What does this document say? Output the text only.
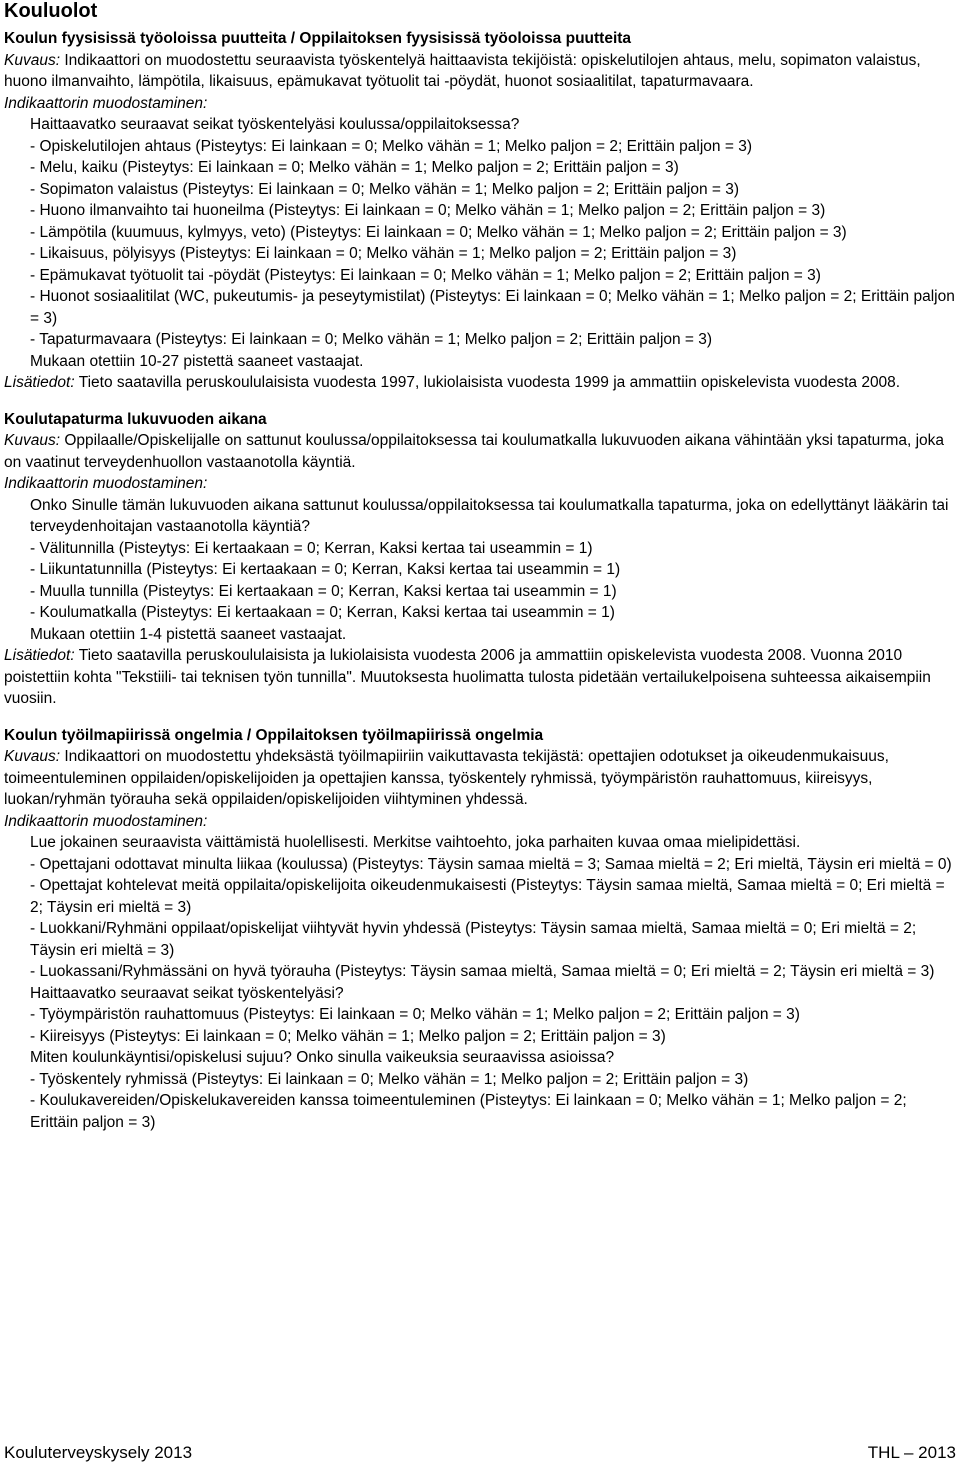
Kouluolot
Koulun fyysisissä työoloissa puutteita / Oppilaitoksen fyysisissä työoloissa puutteita

Kuvaus: Indikaattori on muodostettu seuraavista työskentelyä haittaavista tekijöistä: opiskelutilojen ahtaus, melu, sopimaton valaistus, huono ilmanvaihto, lämpötila, likaisuus, epämukavat työtuolit tai -pöydät, huonot sosiaalitilat, tapaturmavaara.

Indikaattorin muodostaminen:

Haittaavatko seuraavat seikat työskentelyäsi koulussa/oppilaitoksessa?

- Opiskelutilojen ahtaus (Pisteytys: Ei lainkaan = 0; Melko vähän = 1; Melko paljon = 2; Erittäin paljon = 3)

- Melu, kaiku (Pisteytys: Ei lainkaan = 0; Melko vähän = 1; Melko paljon = 2; Erittäin paljon = 3)

- Sopimaton valaistus (Pisteytys: Ei lainkaan = 0; Melko vähän = 1; Melko paljon = 2; Erittäin paljon = 3)

- Huono ilmanvaihto tai huoneilma (Pisteytys: Ei lainkaan = 0; Melko vähän = 1; Melko paljon = 2; Erittäin paljon = 3)

- Lämpötila (kuumuus, kylmyys, veto) (Pisteytys: Ei lainkaan = 0; Melko vähän = 1; Melko paljon = 2; Erittäin paljon = 3)

- Likaisuus, pölyisyys (Pisteytys: Ei lainkaan = 0; Melko vähän = 1; Melko paljon = 2; Erittäin paljon = 3)

- Epämukavat työtuolit tai -pöydät (Pisteytys: Ei lainkaan = 0; Melko vähän = 1; Melko paljon = 2; Erittäin paljon = 3)

- Huonot sosiaalitilat (WC, pukeutumis- ja peseytymistilat) (Pisteytys: Ei lainkaan = 0; Melko vähän = 1; Melko paljon = 2; Erittäin paljon = 3)

- Tapaturmavaara (Pisteytys: Ei lainkaan = 0; Melko vähän = 1; Melko paljon = 2; Erittäin paljon = 3)

Mukaan otettiin 10-27 pistettä saaneet vastaajat.

Lisätiedot: Tieto saatavilla peruskoululaisista vuodesta 1997, lukiolaisista vuodesta 1999 ja ammattiin opiskelevista vuodesta 2008.

Koulutapaturma lukuvuoden aikana

Kuvaus: Oppilaalle/Opiskelijalle on sattunut koulussa/oppilaitoksessa tai koulumatkalla lukuvuoden aikana vähintään yksi tapaturma, joka on vaatinut terveydenhuollon vastaanotolla käyntiä.

Indikaattorin muodostaminen:

Onko Sinulle tämän lukuvuoden aikana sattunut koulussa/oppilaitoksessa tai koulumatkalla tapaturma, joka on edellyttänyt lääkärin tai terveydenhoitajan vastaanotolla käyntiä?

- Välitunnilla (Pisteytys: Ei kertaakaan = 0; Kerran, Kaksi kertaa tai useammin = 1)

- Liikuntatunnilla (Pisteytys: Ei kertaakaan = 0; Kerran, Kaksi kertaa tai useammin = 1)

- Muulla tunnilla (Pisteytys: Ei kertaakaan = 0; Kerran, Kaksi kertaa tai useammin = 1)

- Koulumatkalla (Pisteytys: Ei kertaakaan = 0; Kerran, Kaksi kertaa tai useammin = 1)

Mukaan otettiin 1-4 pistettä saaneet vastaajat.

Lisätiedot: Tieto saatavilla peruskoululaisista ja lukiolaisista vuodesta 2006 ja ammattiin opiskelevista vuodesta 2008. Vuonna 2010 poistettiin kohta "Tekstiili- tai teknisen työn tunnilla". Muutoksesta huolimatta tulosta pidetään vertailukelpoisena suhteessa aikaisempiin vuosiin.

Koulun työilmapiirissä ongelmia / Oppilaitoksen työilmapiirissä ongelmia

Kuvaus: Indikaattori on muodostettu yhdeksästä työilmapiiriin vaikuttavasta tekijästä: opettajien odotukset ja oikeudenmukaisuus, toimeentuleminen oppilaiden/opiskelijoiden ja opettajien kanssa, työskentely ryhmissä, työympäristön rauhattomuus, kiireisyys, luokan/ryhmän työrauha sekä oppilaiden/opiskelijoiden viihtyminen yhdessä.

Indikaattorin muodostaminen:

Lue jokainen seuraavista väittämistä huolellisesti. Merkitse vaihtoehto, joka parhaiten kuvaa omaa mielipidettäsi.

- Opettajani odottavat minulta liikaa (koulussa) (Pisteytys: Täysin samaa mieltä = 3; Samaa mieltä = 2; Eri mieltä, Täysin eri mieltä = 0)

- Opettajat kohtelevat meitä oppilaita/opiskelijoita oikeudenmukaisesti (Pisteytys: Täysin samaa mieltä, Samaa mieltä = 0; Eri mieltä = 2; Täysin eri mieltä = 3)

- Luokkani/Ryhmäni oppilaat/opiskelijat viihtyvät hyvin yhdessä (Pisteytys: Täysin samaa mieltä, Samaa mieltä = 0; Eri mieltä = 2; Täysin eri mieltä = 3)

- Luokassani/Ryhmässäni on hyvä työrauha (Pisteytys: Täysin samaa mieltä, Samaa mieltä = 0; Eri mieltä = 2; Täysin eri mieltä = 3)

Haittaavatko seuraavat seikat työskentelyäsi?

- Työympäristön rauhattomuus (Pisteytys: Ei lainkaan = 0; Melko vähän = 1; Melko paljon = 2; Erittäin paljon = 3)

- Kiireisyys (Pisteytys: Ei lainkaan = 0; Melko vähän = 1; Melko paljon = 2; Erittäin paljon = 3)

Miten koulunkäyntisi/opiskelusi sujuu? Onko sinulla vaikeuksia seuraavissa asioissa?

- Työskentely ryhmissä (Pisteytys: Ei lainkaan = 0; Melko vähän = 1; Melko paljon = 2; Erittäin paljon = 3)

- Koulukavereiden/Opiskelukavereiden kanssa toimeentuleminen (Pisteytys: Ei lainkaan = 0; Melko vähän = 1; Melko paljon = 2; Erittäin paljon = 3)

Kouluterveyskysely 2013	THL – 2013
